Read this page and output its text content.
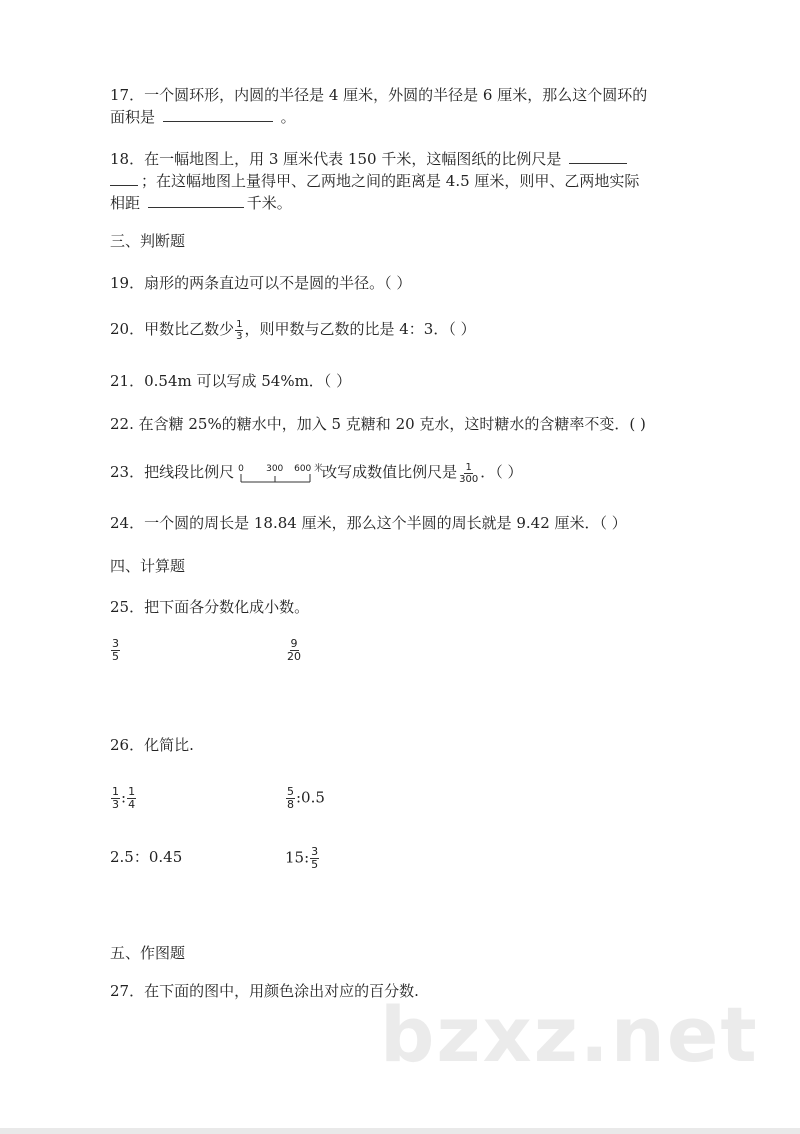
17．一个圆环形，内圆的半径是 4 厘米，外圆的半径是 6 厘米，那么这个圆环的
面积是	。
18．在一幅地图上，用 3 厘米代表 150 千米，这幅图纸的比例尺是
；在这幅地图上量得甲、乙两地之间的距离是 4.5 厘米，则甲、乙两地实际
相距	千米。
三、判断题
19．扇形的两条直边可以不是圆的半径。（ ）
20．甲数比乙数少 $\frac{1}{3}$ ，则甲数与乙数的比是 4：3．（ ）
21．0.54m 可以写成 54%m．（ ）
22. 在含糖 25%的糖水中，加入 5 克糖和 20 克水，这时糖水的含糖率不变．( )
23．把线段比例尺 0 300 600 米
改写成数值比例尺是 $\frac{1}{300}$ ．（ ）
24．一个圆的周长是 18.84 厘米，那么这个半圆的周长就是 9.42 厘米．（ ）
四、计算题
25．把下面各分数化成小数。
$\frac{3}{5}$	$\frac{9}{20}$
26．化简比.
$\frac{1}{3}$ : $\frac{1}{4}$	$\frac{5}{8}$ :0.5
2.5：0.45	15: $\frac{3}{5}$
五、作图题
27．在下面的图中，用颜色涂出对应的百分数.
bzxz.net
